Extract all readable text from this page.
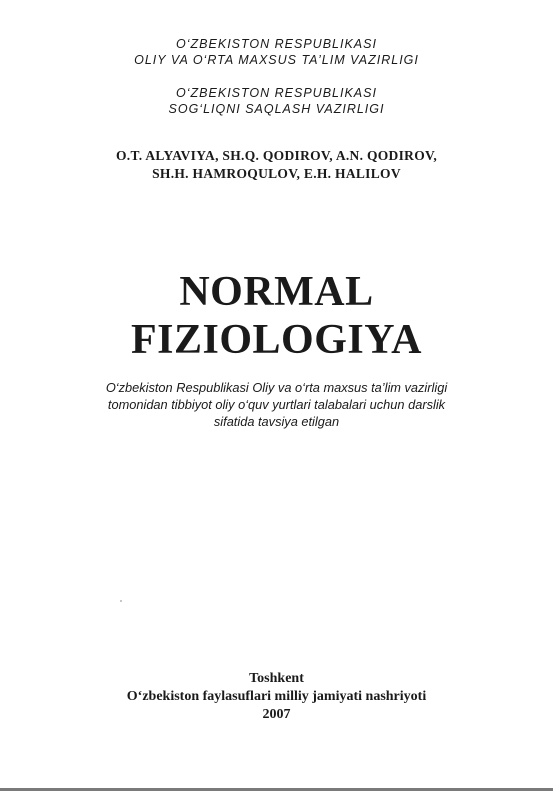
O‘ZBEKISTON RESPUBLIKASI
OLIY VA O‘RTA MAXSUS TA’LIM VAZIRLIGI
O‘ZBEKISTON RESPUBLIKASI
SOG‘LIQNI SAQLASH VAZIRLIGI
O.T. ALYAVIYA, SH.Q. QODIROV, A.N. QODIROV,
SH.H. HAMROQULOV, E.H. HALILOV
NORMAL
FIZIOLOGIYA
O‘zbekiston Respublikasi Oliy va o‘rta maxsus ta’lim vazirligi
tomonidan tibbiyot oliy o‘quv yurtlari talabalari uchun darslik
sifatida tavsiya etilgan
Toshkent
O‘zbekiston faylasuflari milliy jamiyati nashriyoti
2007
